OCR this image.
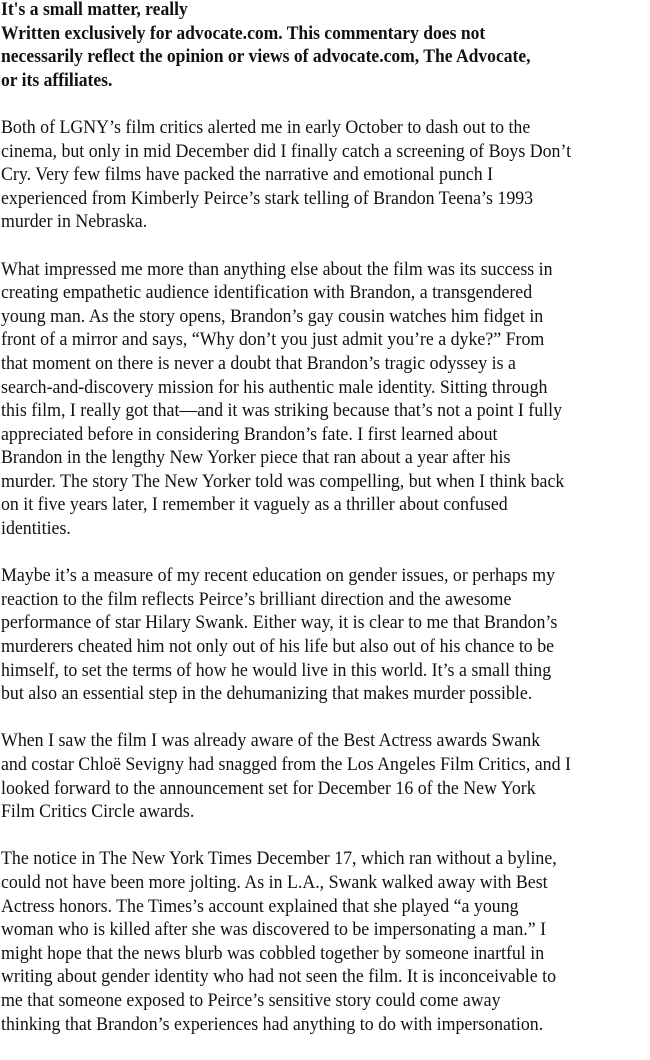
It's a small matter, really
Written exclusively for advocate.com. This commentary does not
necessarily reflect the opinion or views of advocate.com, The Advocate,
or its affiliates.
Both of LGNY’s film critics alerted me in early October to dash out to the
cinema, but only in mid December did I finally catch a screening of Boys Don’t
Cry. Very few films have packed the narrative and emotional punch I
experienced from Kimberly Peirce’s stark telling of Brandon Teena’s 1993
murder in Nebraska.
What impressed me more than anything else about the film was its success in
creating empathetic audience identification with Brandon, a transgendered
young man. As the story opens, Brandon’s gay cousin watches him fidget in
front of a mirror and says, “Why don’t you just admit you’re a dyke?” From
that moment on there is never a doubt that Brandon’s tragic odyssey is a
search-and-discovery mission for his authentic male identity. Sitting through
this film, I really got that—and it was striking because that’s not a point I fully
appreciated before in considering Brandon’s fate. I first learned about
Brandon in the lengthy New Yorker piece that ran about a year after his
murder. The story The New Yorker told was compelling, but when I think back
on it five years later, I remember it vaguely as a thriller about confused
identities.
Maybe it’s a measure of my recent education on gender issues, or perhaps my
reaction to the film reflects Peirce’s brilliant direction and the awesome
performance of star Hilary Swank. Either way, it is clear to me that Brandon’s
murderers cheated him not only out of his life but also out of his chance to be
himself, to set the terms of how he would live in this world. It’s a small thing
but also an essential step in the dehumanizing that makes murder possible.
When I saw the film I was already aware of the Best Actress awards Swank
and costar Chloë Sevigny had snagged from the Los Angeles Film Critics, and I
looked forward to the announcement set for December 16 of the New York
Film Critics Circle awards.
The notice in The New York Times December 17, which ran without a byline,
could not have been more jolting. As in L.A., Swank walked away with Best
Actress honors. The Times’s account explained that she played “a young
woman who is killed after she was discovered to be impersonating a man.” I
might hope that the news blurb was cobbled together by someone inartful in
writing about gender identity who had not seen the film. It is inconceivable to
me that someone exposed to Peirce’s sensitive story could come away
thinking that Brandon’s experiences had anything to do with impersonation.
